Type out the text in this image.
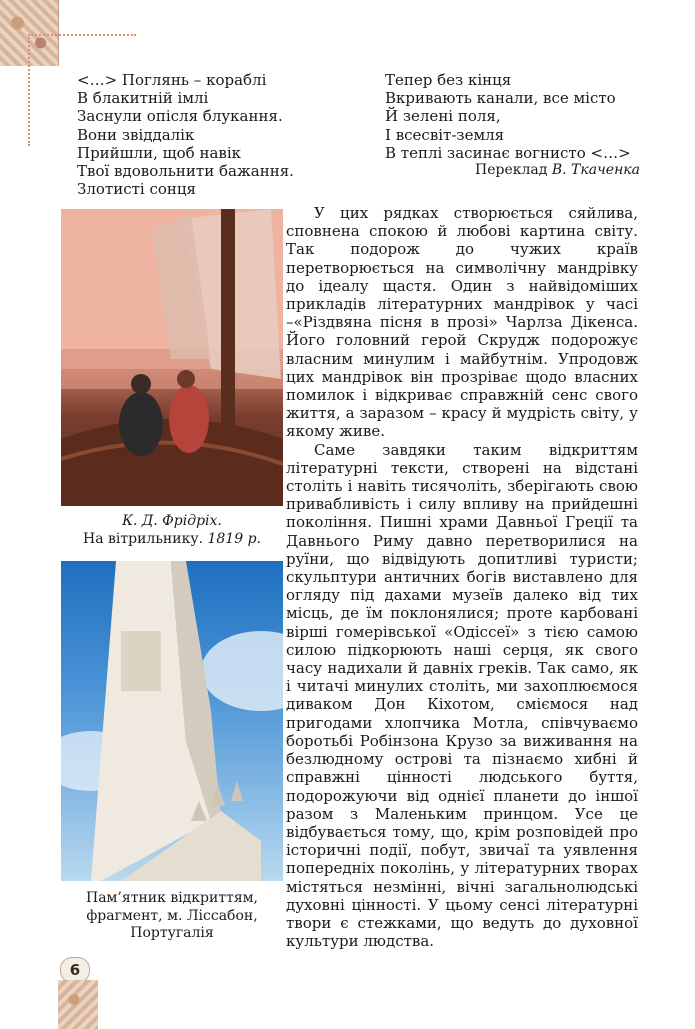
<…> Поглянь – кораблі
В блакитній імлі
Заснули опісля блукання.
Вони звіддалік
Прийшли, щоб навік
Твої вдовольнити бажання.
Злотисті сонця
Тепер без кінця
Вкривають канали, все місто
Й зелені поля,
І всесвіт-земля
В теплі засинає вогнисто <…>
Переклад В. Ткаченка
К. Д. Фрідріх.
На вітрильнику. 1819 р.
Пам’ятник відкриттям,
фрагмент, м. Ліссабон,
Португалія

У цих рядках створюється сяйлива, сповнена спокою й любові картина світу. Так подорож до чужих країв перетворюється на символічну мандрівку до ідеалу щастя. Один з найвідоміших прикладів літературних мандрівок у часі –«Різдвяна пісня в прозі» Чарлза Дікенса. Його головний герой Скрудж подорожує власним минулим і майбутнім. Упродовж цих мандрівок він прозріває щодо власних помилок і відкриває справжній сенс свого життя, а заразом – красу й мудрість світу, у якому живе.

Саме завдяки таким відкриттям літературні тексти, створені на відстані століть і навіть тисячоліть, зберігають свою привабливість і силу впливу на прийдешні покоління. Пишні храми Давньої Греції та Давнього Риму давно перетворилися на руїни, що відвідують допитливі туристи; скульптури античних богів виставлено для огляду під дахами музеїв далеко від тих місць, де їм поклонялися; проте карбовані вірші гомерівської «Одіссеї» з тією самою силою підкорюють наші серця, як свого часу надихали й давніх греків. Так само, як і читачі минулих століть, ми захоплюємося диваком Дон Кіхотом, сміємося над пригодами хлопчика Мотла, співчуваємо боротьбі Робінзона Крузо за виживання на безлюдному острові та пізнаємо хибні й справжні цінності людського буття, подорожуючи від однієї планети до іншої разом з Маленьким принцом. Усе це відбувається тому, що, крім розповідей про історичні події, побут, звичаї та уявлення попередніх поколінь, у літературних творах містяться незмінні, вічні загальнолюдські духовні цінності. У цьому сенсі літературні твори є стежками, що ведуть до духовної культури людства.

6
